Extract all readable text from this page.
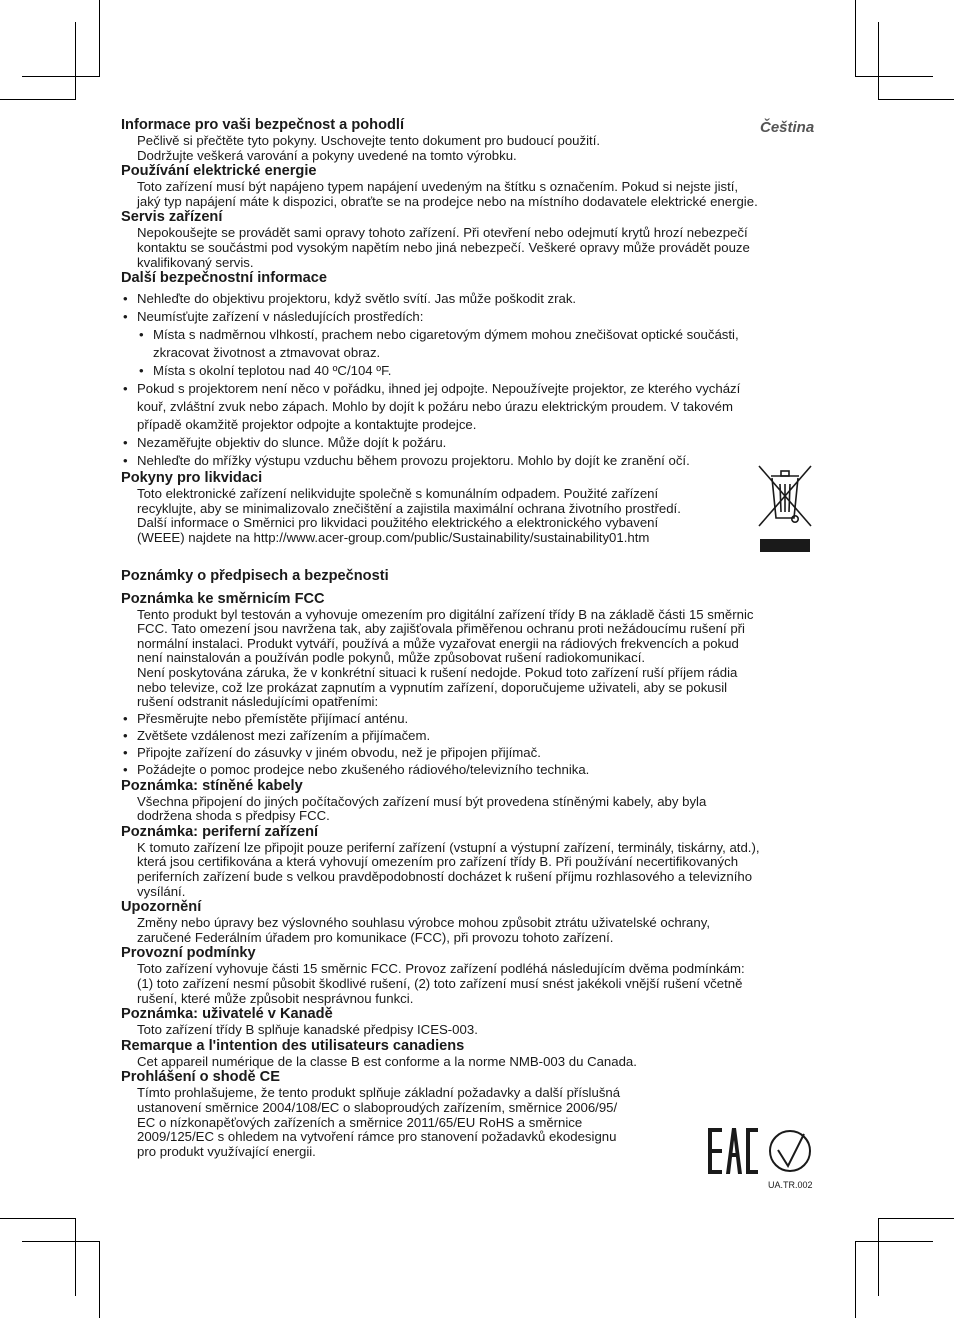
Čeština
Informace pro vaši bezpečnost a pohodlí
Pečlivě si přečtěte tyto pokyny. Uschovejte tento dokument pro budoucí použití.
Dodržujte veškerá varování a pokyny uvedené na tomto výrobku.
Používání elektrické energie
Toto zařízení musí být napájeno typem napájení uvedeným na štítku s označením. Pokud si nejste jistí,
jaký typ napájení máte k dispozici, obraťte se na prodejce nebo na místního dodavatele elektrické energie.
Servis zařízení
Nepokoušejte se provádět sami opravy tohoto zařízení. Při otevření nebo odejmutí krytů hrozí nebezpečí
kontaktu se součástmi pod vysokým napětím nebo jiná nebezpečí. Veškeré opravy může provádět pouze
kvalifikovaný servis.
Další bezpečnostní informace
• Nehleďte do objektivu projektoru, když světlo svítí. Jas může poškodit zrak.
• Neumísťujte zařízení v následujících prostředích:
• Místa s nadměrnou vlhkostí, prachem nebo cigaretovým dýmem mohou znečišovat optické součásti,
zkracovat životnost a ztmavovat obraz.
• Místa s okolní teplotou nad 40 ºC/104 ºF.
• Pokud s projektorem není něco v pořádku, ihned jej odpojte. Nepoužívejte projektor, ze kterého vychází
kouř, zvláštní zvuk nebo zápach. Mohlo by dojít k požáru nebo úrazu elektrickým proudem. V takovém
případě okamžitě projektor odpojte a kontaktujte prodejce.
• Nezaměřujte objektiv do slunce. Může dojít k požáru.
• Nehleďte do mřížky výstupu vzduchu během provozu projektoru. Mohlo by dojít ke zranění očí.
Pokyny pro likvidaci
Toto elektronické zařízení nelikvidujte společně s komunálním odpadem. Použité zařízení
recyklujte, aby se minimalizovalo znečištění a zajistila maximální ochrana životního prostředí.
Další informace o Směrnici pro likvidaci použitého elektrického a elektronického vybavení
(WEEE) najdete na http://www.acer-group.com/public/Sustainability/sustainability01.htm
Poznámky o předpisech a bezpečnosti
Poznámka ke směrnicím FCC
Tento produkt byl testován a vyhovuje omezením pro digitální zařízení třídy B na základě části 15 směrnic
FCC. Tato omezení jsou navržena tak, aby zajišťovala přiměřenou ochranu proti nežádoucímu rušení při
normální instalaci. Produkt vytváří, používá a může vyzařovat energii na rádiových frekvencích a pokud
není nainstalován a používán podle pokynů, může způsobovat rušení radiokomunikací.
Není poskytována záruka, že v konkrétní situaci k rušení nedojde. Pokud toto zařízení ruší příjem rádia
nebo televize, což lze prokázat zapnutím a vypnutím zařízení, doporučujeme uživateli, aby se pokusil
rušení odstranit následujícími opatřeními:
• Přesměrujte nebo přemístěte přijímací anténu.
• Zvětšete vzdálenost mezi zařízením a přijímačem.
• Připojte zařízení do zásuvky v jiném obvodu, než je připojen přijímač.
• Požádejte o pomoc prodejce nebo zkušeného rádiového/televizního technika.
Poznámka: stíněné kabely
Všechna připojení do jiných počítačových zařízení musí být provedena stíněnými kabely, aby byla
dodržena shoda s předpisy FCC.
Poznámka: periferní zařízení
K tomuto zařízení lze připojit pouze periferní zařízení (vstupní a výstupní zařízení, terminály, tiskárny, atd.),
která jsou certifikována a která vyhovují omezením pro zařízení třídy B. Při používání necertifikovaných
periferních zařízení bude s velkou pravděpodobností docházet k rušení příjmu rozhlasového a televizního
vysílání.
Upozornění
Změny nebo úpravy bez výslovného souhlasu výrobce mohou způsobit ztrátu uživatelské ochrany,
zaručené Federálním úřadem pro komunikace (FCC), při provozu tohoto zařízení.
Provozní podmínky
Toto zařízení vyhovuje části 15 směrnic FCC. Provoz zařízení podléhá následujícím dvěma podmínkám:
(1) toto zařízení nesmí působit škodlivé rušení, (2) toto zařízení musí snést jakékoli vnější rušení včetně
rušení, které může způsobit nesprávnou funkci.
Poznámka: uživatelé v Kanadě
Toto zařízení třídy B splňuje kanadské předpisy ICES-003.
Remarque a l'intention des utilisateurs canadiens
Cet appareil numérique de la classe B est conforme a la norme NMB-003 du Canada.
Prohlášení o shodě CE
Tímto prohlašujeme, že tento produkt splňuje základní požadavky a další příslušná
ustanovení směrnice 2004/108/EC o slaboproudých zařízením, směrnice 2006/95/
EC o nízkonapěťových zařízeních a směrnice 2011/65/EU RoHS a směrnice
2009/125/EC s ohledem na vytvoření rámce pro stanovení požadavků ekodesignu
pro produkt využívající energii.
UA.TR.002
